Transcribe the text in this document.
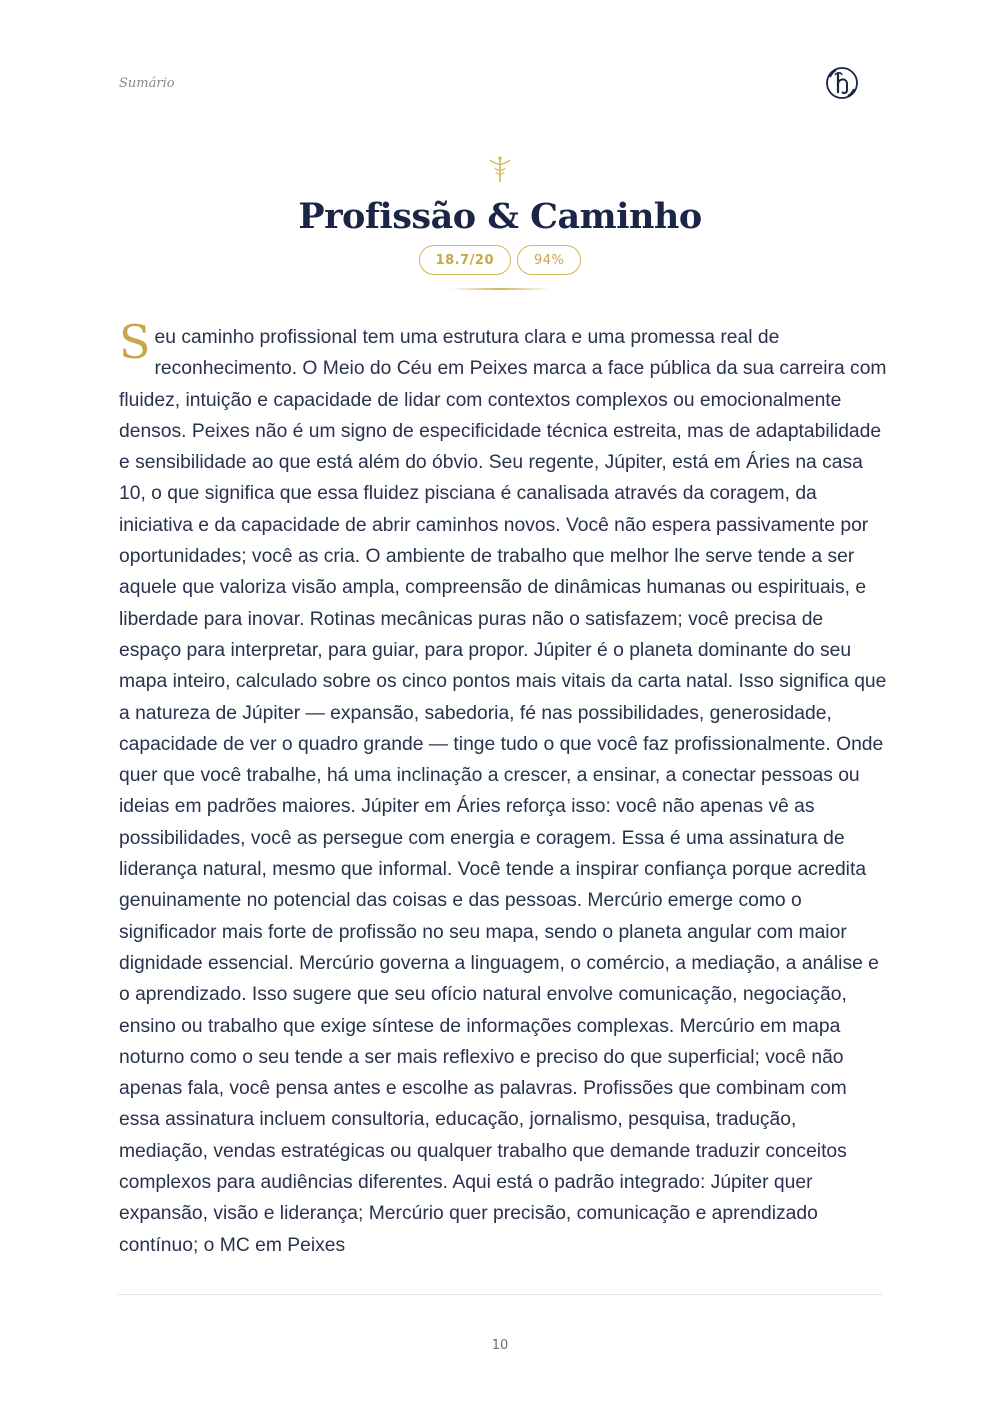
Sumário
Profissão & Caminho
18.7/20	94%

Seu caminho profissional tem uma estrutura clara e uma promessa real de reconhecimento. O Meio do Céu em Peixes marca a face pública da sua carreira com fluidez, intuição e capacidade de lidar com contextos complexos ou emocionalmente densos. Peixes não é um signo de especificidade técnica estreita, mas de adaptabilidade e sensibilidade ao que está além do óbvio. Seu regente, Júpiter, está em Áries na casa 10, o que significa que essa fluidez pisciana é canalisada através da coragem, da iniciativa e da capacidade de abrir caminhos novos. Você não espera passivamente por oportunidades; você as cria. O ambiente de trabalho que melhor lhe serve tende a ser aquele que valoriza visão ampla, compreensão de dinâmicas humanas ou espirituais, e liberdade para inovar. Rotinas mecânicas puras não o satisfazem; você precisa de espaço para interpretar, para guiar, para propor. Júpiter é o planeta dominante do seu mapa inteiro, calculado sobre os cinco pontos mais vitais da carta natal. Isso significa que a natureza de Júpiter — expansão, sabedoria, fé nas possibilidades, generosidade, capacidade de ver o quadro grande — tinge tudo o que você faz profissionalmente. Onde quer que você trabalhe, há uma inclinação a crescer, a ensinar, a conectar pessoas ou ideias em padrões maiores. Júpiter em Áries reforça isso: você não apenas vê as possibilidades, você as persegue com energia e coragem. Essa é uma assinatura de liderança natural, mesmo que informal. Você tende a inspirar confiança porque acredita genuinamente no potencial das coisas e das pessoas. Mercúrio emerge como o significador mais forte de profissão no seu mapa, sendo o planeta angular com maior dignidade essencial. Mercúrio governa a linguagem, o comércio, a mediação, a análise e o aprendizado. Isso sugere que seu ofício natural envolve comunicação, negociação, ensino ou trabalho que exige síntese de informações complexas. Mercúrio em mapa noturno como o seu tende a ser mais reflexivo e preciso do que superficial; você não apenas fala, você pensa antes e escolhe as palavras. Profissões que combinam com essa assinatura incluem consultoria, educação, jornalismo, pesquisa, tradução, mediação, vendas estratégicas ou qualquer trabalho que demande traduzir conceitos complexos para audiências diferentes. Aqui está o padrão integrado: Júpiter quer expansão, visão e liderança; Mercúrio quer precisão, comunicação e aprendizado contínuo; o MC em Peixes

10
